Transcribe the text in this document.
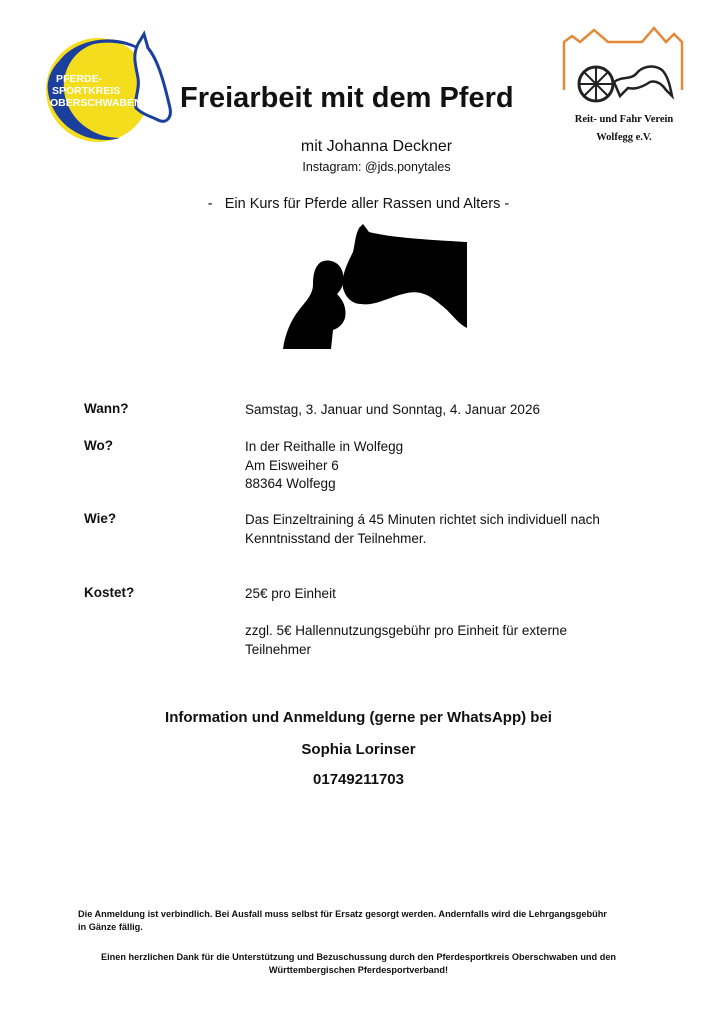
PFERDE-
SPORTKREIS
OBERSCHWABEN
Reit- und Fahr Verein
Wolfegg e.V.
Freiarbeit mit dem Pferd
mit Johanna Deckner
Instagram: @jds.ponytales
-   Ein Kurs für Pferde aller Rassen und Alters -
Wann?	Samstag, 3. Januar und Sonntag, 4. Januar 2026
Wo?	In der Reithalle in Wolfegg
Am Eisweiher 6
88364 Wolfegg
Wie?	Das Einzeltraining á 45 Minuten richtet sich individuell nach
Kenntnisstand der Teilnehmer.
Kostet?	25€ pro Einheit
zzgl. 5€ Hallennutzungsgebühr pro Einheit für externe
Teilnehmer
Information und Anmeldung (gerne per WhatsApp) bei
Sophia Lorinser
01749211703
Die Anmeldung ist verbindlich. Bei Ausfall muss selbst für Ersatz gesorgt werden. Andernfalls wird die Lehrgangsgebühr
in Gänze fällig.
Einen herzlichen Dank für die Unterstützung und Bezuschussung durch den Pferdesportkreis Oberschwaben und den
Württembergischen Pferdesportverband!
